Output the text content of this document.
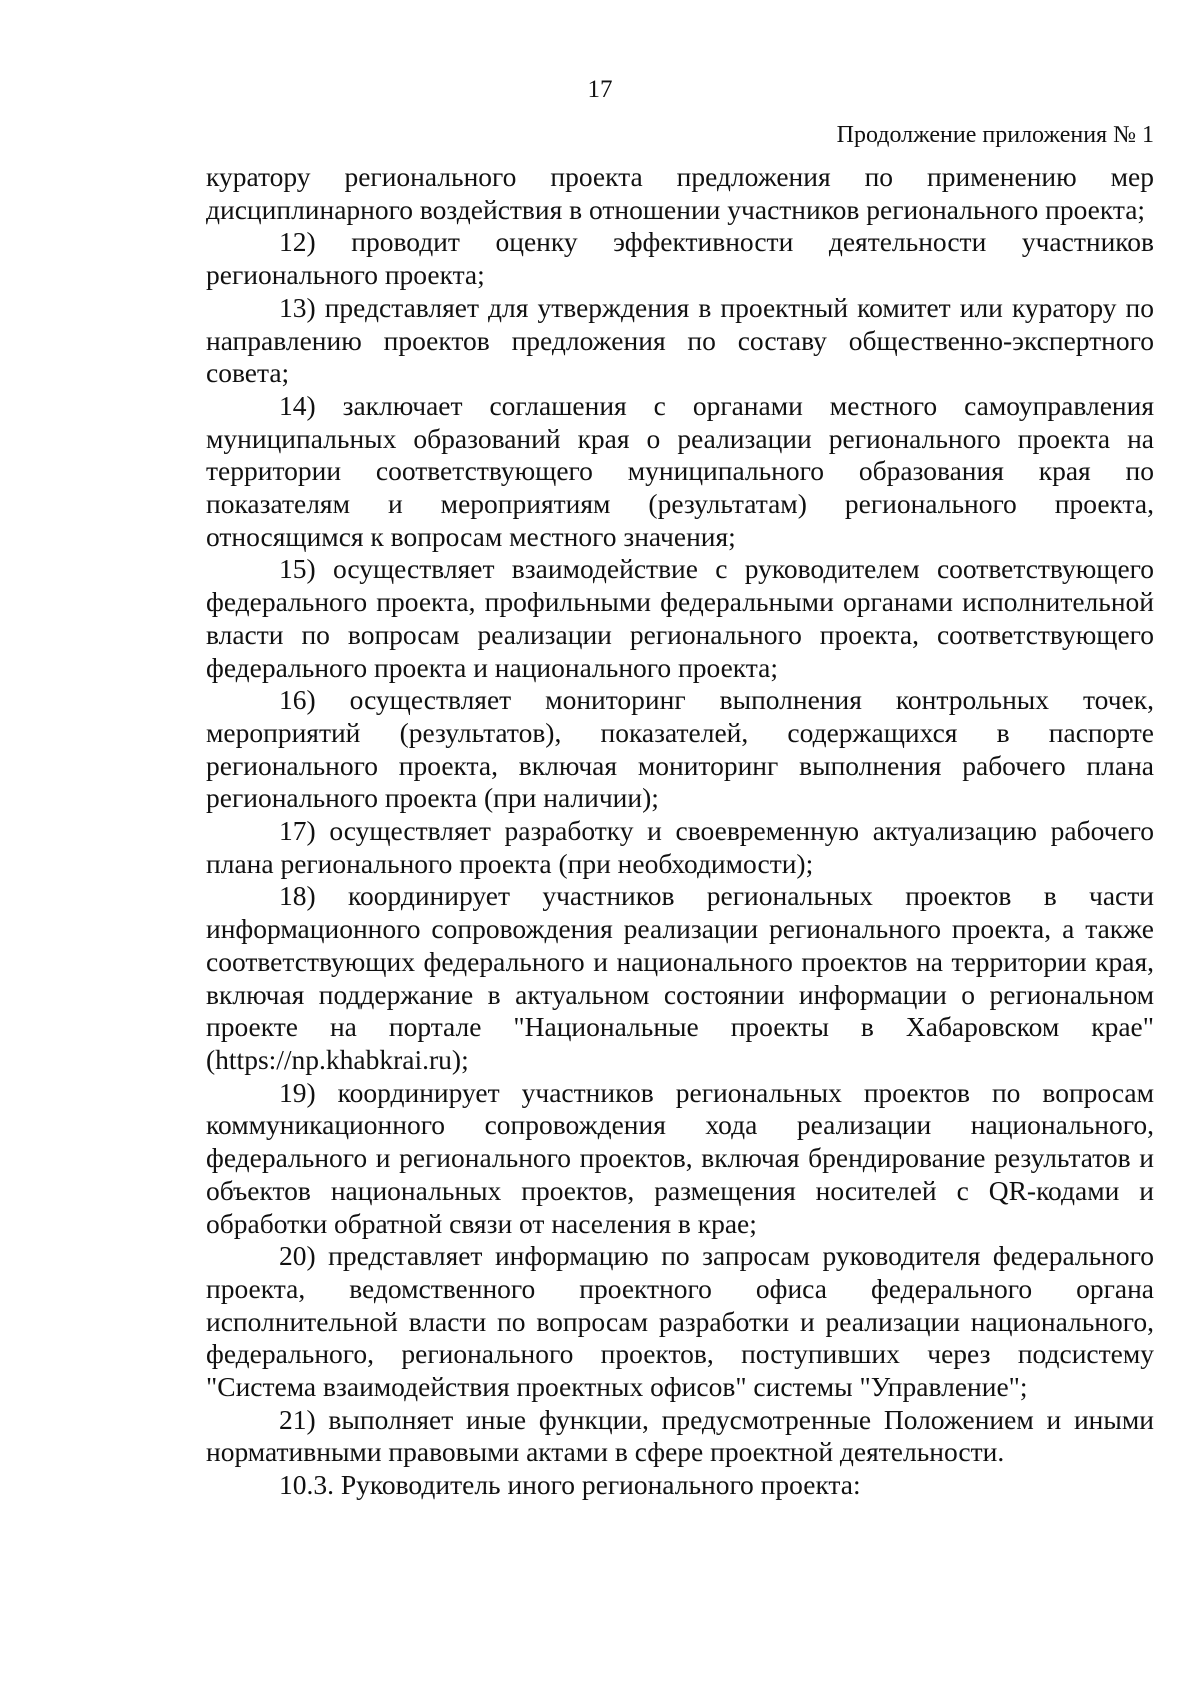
17
Продолжение приложения № 1

куратору регионального проекта предложения по применению мер дисциплинарного воздействия в отношении участников регионального проекта;

12) проводит оценку эффективности деятельности участников регионального проекта;

13) представляет для утверждения в проектный комитет или куратору по направлению проектов предложения по составу общественно-экспертного совета;

14) заключает соглашения с органами местного самоуправления муниципальных образований края о реализации регионального проекта на территории соответствующего муниципального образования края по показателям и мероприятиям (результатам) регионального проекта, относящимся к вопросам местного значения;

15) осуществляет взаимодействие с руководителем соответствующего федерального проекта, профильными федеральными органами исполнительной власти по вопросам реализации регионального проекта, соответствующего федерального проекта и национального проекта;

16) осуществляет мониторинг выполнения контрольных точек, мероприятий (результатов), показателей, содержащихся в паспорте регионального проекта, включая мониторинг выполнения рабочего плана регионального проекта (при наличии);

17) осуществляет разработку и своевременную актуализацию рабочего плана регионального проекта (при необходимости);

18) координирует участников региональных проектов в части информационного сопровождения реализации регионального проекта, а также соответствующих федерального и национального проектов на территории края, включая поддержание в актуальном состоянии информации о региональном проекте на портале "Национальные проекты в Хабаровском крае" (https://np.khabkrai.ru);

19) координирует участников региональных проектов по вопросам коммуникационного сопровождения хода реализации национального, федерального и регионального проектов, включая брендирование результатов и объектов национальных проектов, размещения носителей с QR-кодами и обработки обратной связи от населения в крае;

20) представляет информацию по запросам руководителя федерального проекта, ведомственного проектного офиса федерального органа исполнительной власти по вопросам разработки и реализации национального, федерального, регионального проектов, поступивших через подсистему "Система взаимодействия проектных офисов" системы "Управление";

21) выполняет иные функции, предусмотренные Положением и иными нормативными правовыми актами в сфере проектной деятельности.

10.3. Руководитель иного регионального проекта:
